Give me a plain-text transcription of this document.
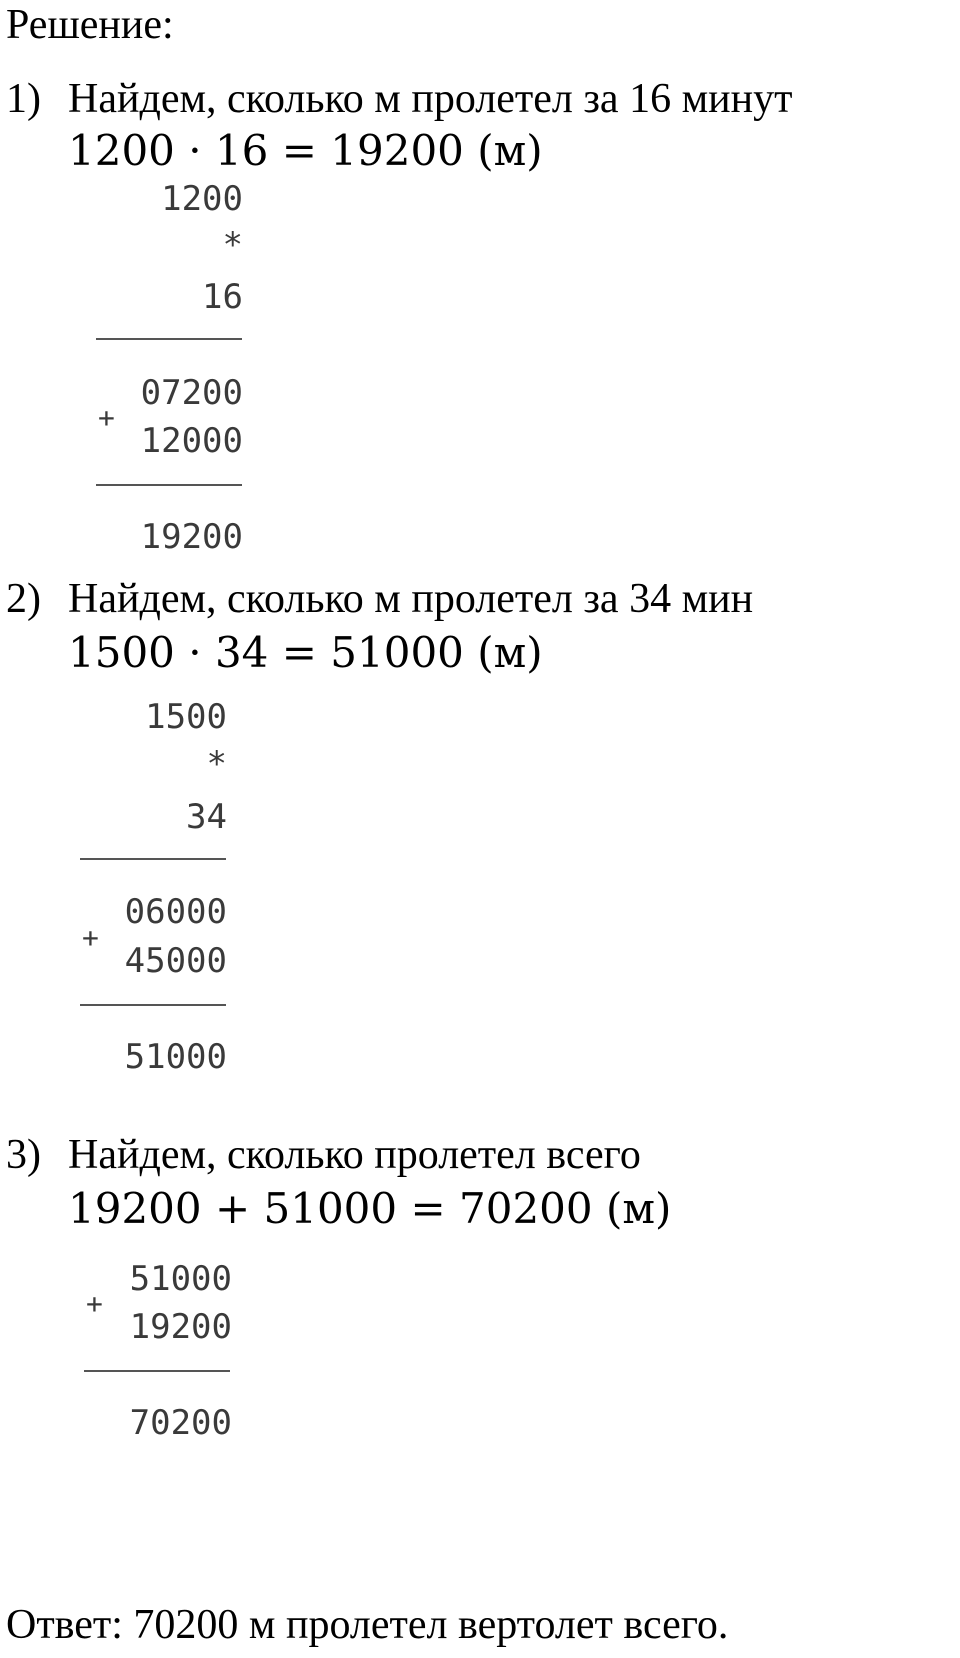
Решение:
1) Найдем, сколько м пролетел за 16 минут
1200 · 16 = 19200 (м)
1200
*
16
07200
+
12000
19200
2) Найдем, сколько м пролетел за 34 мин
1500 · 34 = 51000 (м)
1500
*
34
06000
+
45000
51000
3) Найдем, сколько пролетел всего
19200 + 51000 = 70200 (м)
51000
+
19200
70200
Ответ: 70200 м пролетел вертолет всего.
